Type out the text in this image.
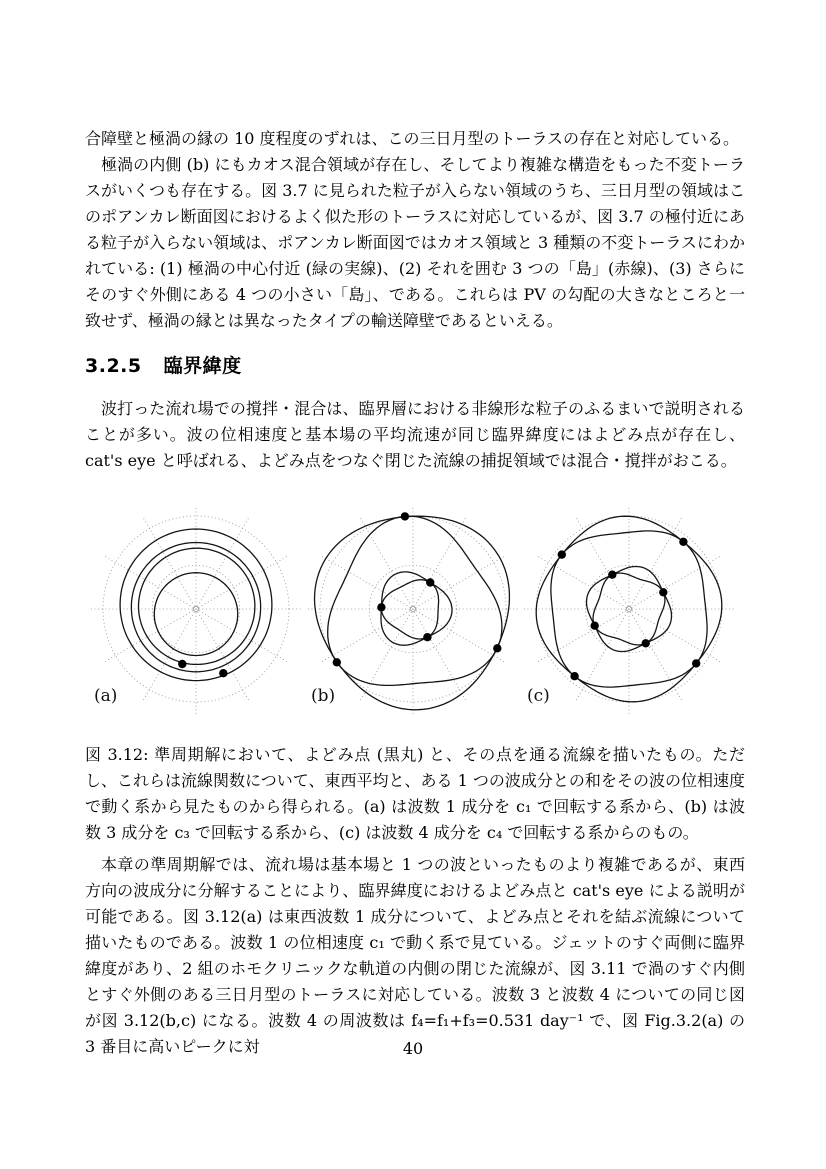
合障壁と極渦の縁の 10 度程度のずれは、この三日月型のトーラスの存在と対応している。

極渦の内側 (b) にもカオス混合領域が存在し、そしてより複雑な構造をもった不変トーラスがいくつも存在する。図 3.7 に見られた粒子が入らない領域のうち、三日月型の領域はこのポアンカレ断面図におけるよく似た形のトーラスに対応しているが、図 3.7 の極付近にある粒子が入らない領域は、ポアンカレ断面図ではカオス領域と 3 種類の不変トーラスにわかれている: (1) 極渦の中心付近 (緑の実線)、(2) それを囲む 3 つの「島」(赤線)、(3) さらにそのすぐ外側にある 4 つの小さい「島」、である。これらは PV の勾配の大きなところと一致せず、極渦の縁とは異なったタイプの輸送障壁であるといえる。

3.2.5 臨界緯度

波打った流れ場での撹拌・混合は、臨界層における非線形な粒子のふるまいで説明されることが多い。波の位相速度と基本場の平均流速が同じ臨界緯度にはよどみ点が存在し、cat's eye と呼ばれる、よどみ点をつなぐ閉じた流線の捕捉領域では混合・撹拌がおこる。

(a)	(b)	(c)

図 3.12: 準周期解において、よどみ点 (黒丸) と、その点を通る流線を描いたもの。ただし、これらは流線関数について、東西平均と、ある 1 つの波成分との和をその波の位相速度で動く系から見たものから得られる。(a) は波数 1 成分を c₁ で回転する系から、(b) は波数 3 成分を c₃ で回転する系から、(c) は波数 4 成分を c₄ で回転する系からのもの。

本章の準周期解では、流れ場は基本場と 1 つの波といったものより複雑であるが、東西方向の波成分に分解することにより、臨界緯度におけるよどみ点と cat's eye による説明が可能である。図 3.12(a) は東西波数 1 成分について、よどみ点とそれを結ぶ流線について描いたものである。波数 1 の位相速度 c₁ で動く系で見ている。ジェットのすぐ両側に臨界緯度があり、2 組のホモクリニックな軌道の内側の閉じた流線が、図 3.11 で渦のすぐ内側とすぐ外側のある三日月型のトーラスに対応している。波数 3 と波数 4 についての同じ図が図 3.12(b,c) になる。波数 4 の周波数は f₄=f₁+f₃=0.531 day⁻¹ で、図 Fig.3.2(a) の 3 番目に高いピークに対	40
